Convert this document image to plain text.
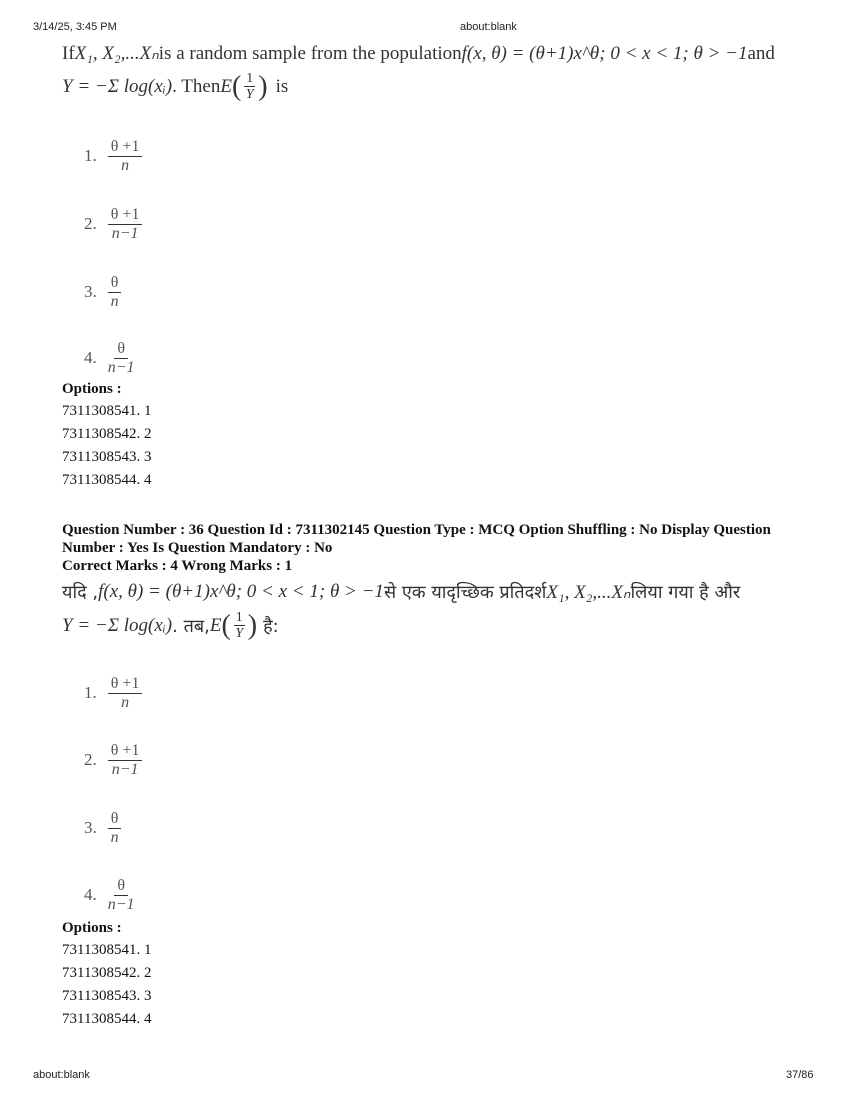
3/14/25, 3:45 PM	about:blank
If X₁, X₂,...Xₙ is a random sample from the population f(x, θ) = (θ+1)x^θ; 0 < x < 1; θ > −1 and
Y = −Σ log(xᵢ) . Then E ( $\frac{1}{Y}$ ) is
1. $\frac{\theta +1}{n}$
2. $\frac{\theta +1}{n-1}$
3. $\frac{\theta}{n}$
4. $\frac{\theta}{n-1}$
Options :
7311308541. 1
7311308542. 2
7311308543. 3
7311308544. 4
Question Number : 36 Question Id : 7311302145 Question Type : MCQ Option Shuffling : No Display Question
Number : Yes Is Question Mandatory : No
Correct Marks : 4 Wrong Marks : 1
यदि , f(x, θ) = (θ+1)x^θ; 0 < x < 1; θ > −1 से एक यादृच्छिक प्रतिदर्श X₁, X₂,...Xₙ लिया गया है और
Y = −Σ log(xᵢ) . तब, E ( $\frac{1}{Y}$ ) है:
1. $\frac{\theta +1}{n}$
2. $\frac{\theta +1}{n-1}$
3. $\frac{\theta}{n}$
4. $\frac{\theta}{n-1}$
Options :
7311308541. 1
7311308542. 2
7311308543. 3
7311308544. 4
about:blank	37/86
